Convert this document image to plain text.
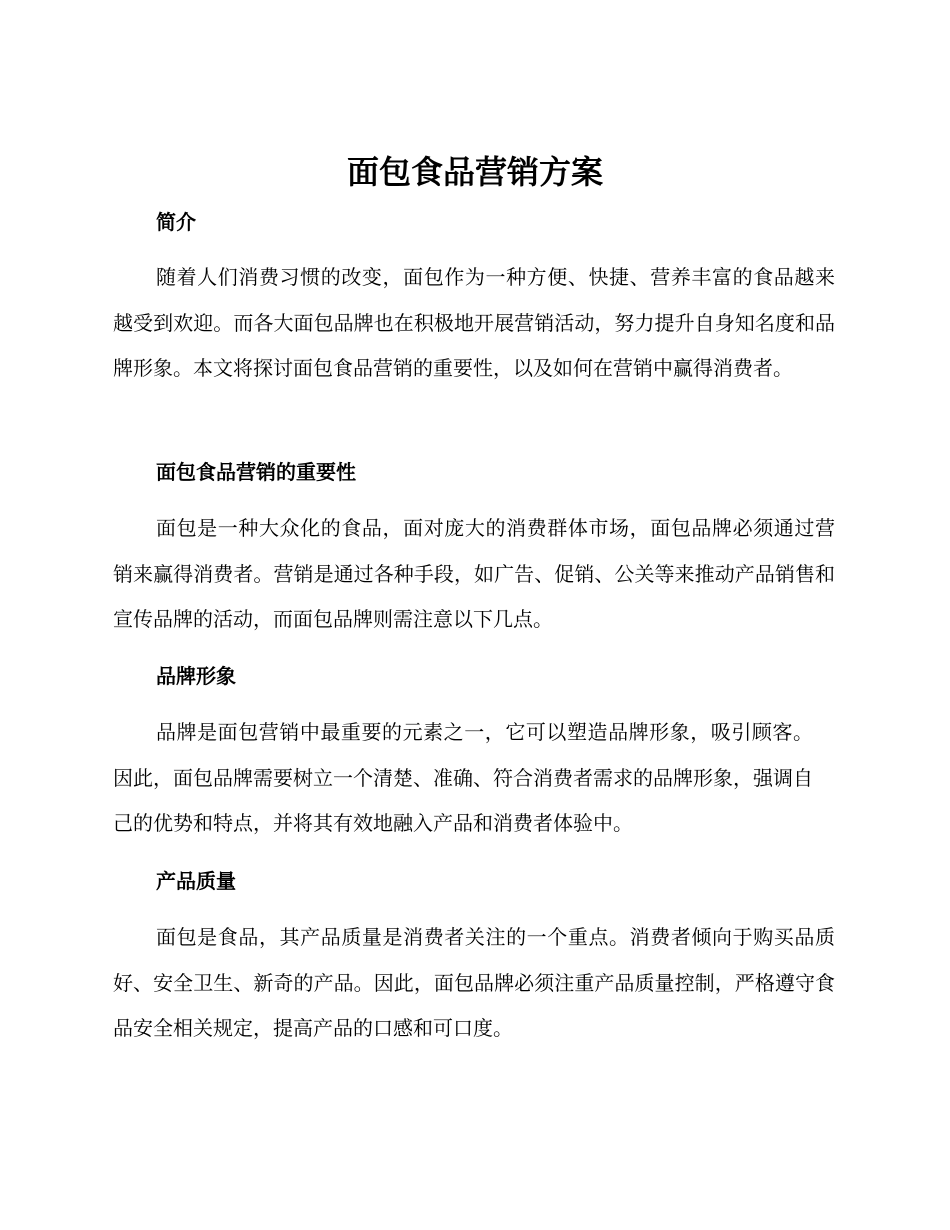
面包食品营销方案
简介

随着人们消费习惯的改变，面包作为一种方便、快捷、营养丰富的食品越来越受到欢迎。而各大面包品牌也在积极地开展营销活动，努力提升自身知名度和品牌形象。本文将探讨面包食品营销的重要性，以及如何在营销中赢得消费者。

面包食品营销的重要性

面包是一种大众化的食品，面对庞大的消费群体市场，面包品牌必须通过营销来赢得消费者。营销是通过各种手段，如广告、促销、公关等来推动产品销售和宣传品牌的活动，而面包品牌则需注意以下几点。

品牌形象

品牌是面包营销中最重要的元素之一，它可以塑造品牌形象，吸引顾客。因此，面包品牌需要树立一个清楚、准确、符合消费者需求的品牌形象，强调自己的优势和特点，并将其有效地融入产品和消费者体验中。

产品质量

面包是食品，其产品质量是消费者关注的一个重点。消费者倾向于购买品质好、安全卫生、新奇的产品。因此，面包品牌必须注重产品质量控制，严格遵守食品安全相关规定，提高产品的口感和可口度。
